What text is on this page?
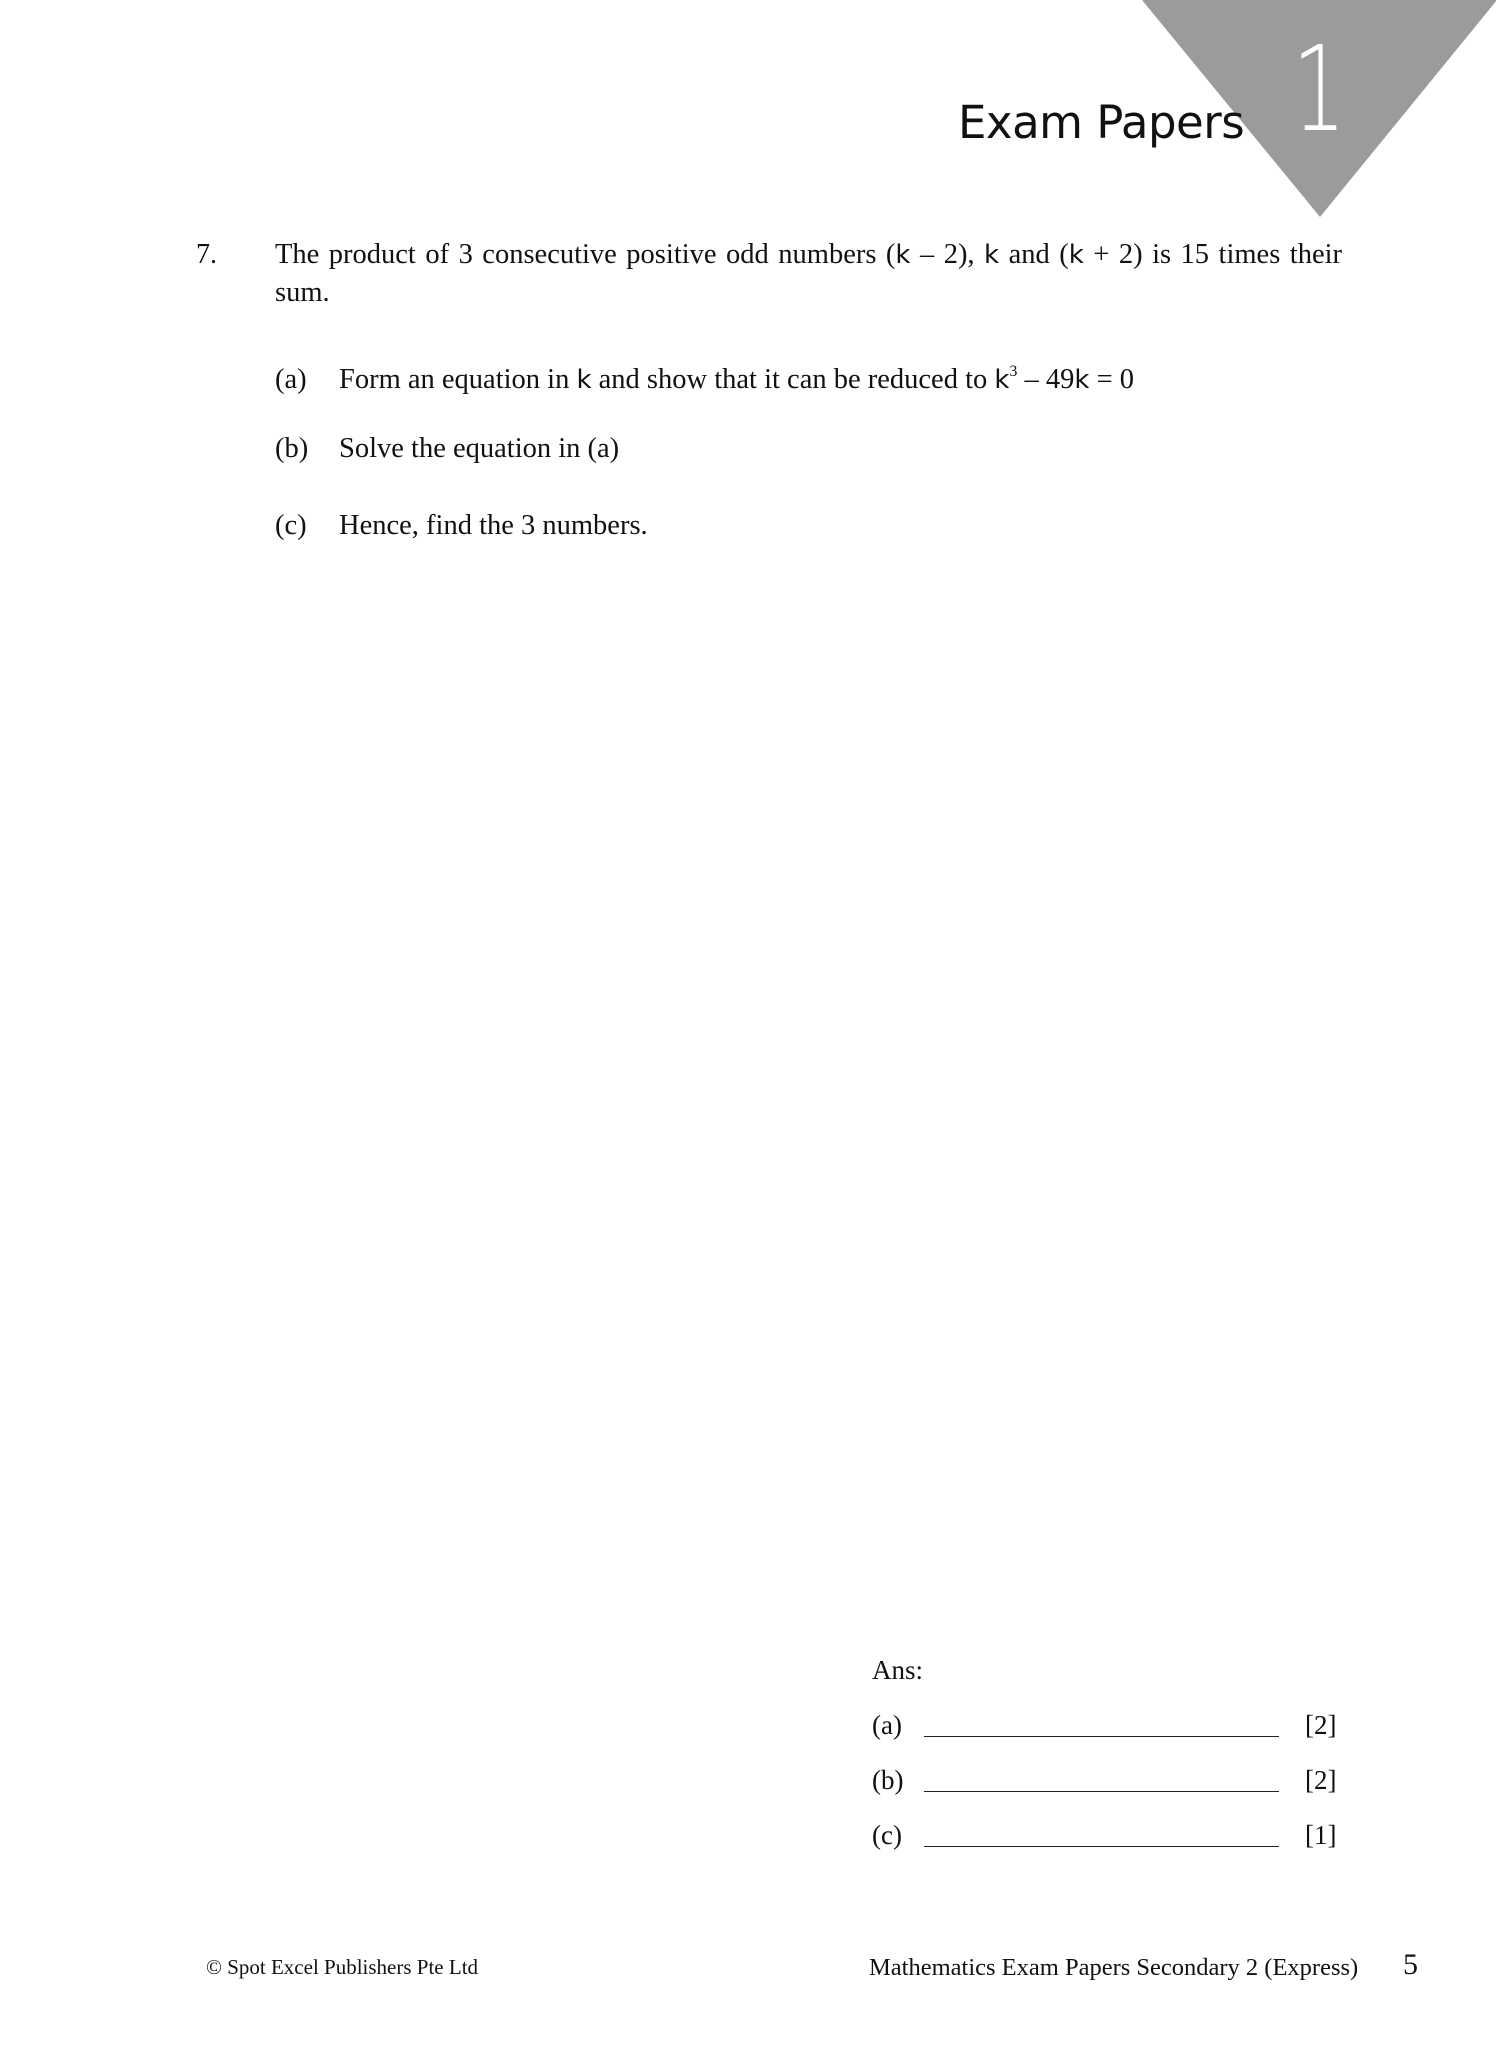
1
Exam Papers
7. The product of 3 consecutive positive odd numbers (k – 2), k and (k + 2) is 15 times their sum.
(a) Form an equation in k and show that it can be reduced to $k^3 - 49k = 0$
(b) Solve the equation in (a)
(c) Hence, find the 3 numbers.
Ans:
(a)	[2]
(b)	[2]
(c)	[1]
© Spot Excel Publishers Pte Ltd	Mathematics Exam Papers Secondary 2 (Express) 5
